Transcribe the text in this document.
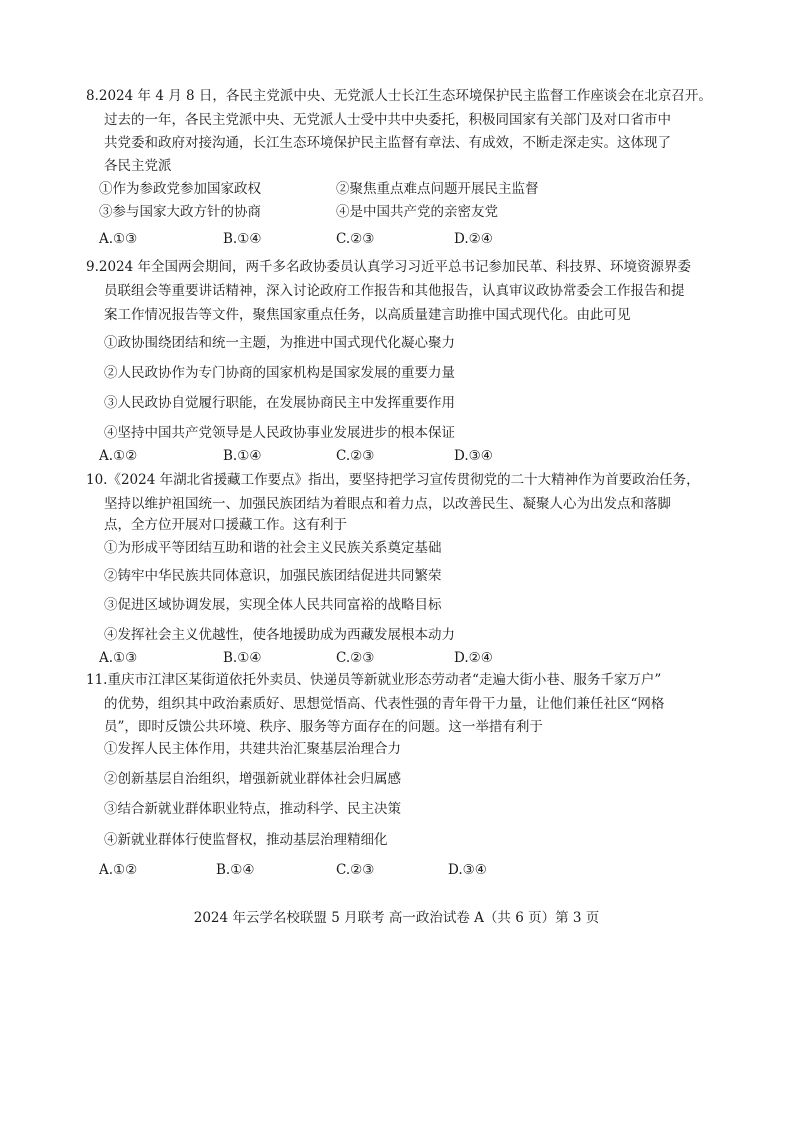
8.2024 年 4 月 8 日，各民主党派中央、无党派人士长江生态环境保护民主监督工作座谈会在北京召开。
过去的一年，各民主党派中央、无党派人士受中共中央委托，积极同国家有关部门及对口省市中
共党委和政府对接沟通，长江生态环境保护民主监督有章法、有成效，不断走深走实。这体现了
各民主党派
①作为参政党参加国家政权	②聚焦重点难点问题开展民主监督
③参与国家大政方针的协商	④是中国共产党的亲密友党
A.①③	B.①④	C.②③	D.②④
9.2024 年全国两会期间，两千多名政协委员认真学习习近平总书记参加民革、科技界、环境资源界委
员联组会等重要讲话精神，深入讨论政府工作报告和其他报告，认真审议政协常委会工作报告和提
案工作情况报告等文件，聚焦国家重点任务，以高质量建言助推中国式现代化。由此可见
①政协围绕团结和统一主题，为推进中国式现代化凝心聚力
②人民政协作为专门协商的国家机构是国家发展的重要力量
③人民政协自觉履行职能，在发展协商民主中发挥重要作用
④坚持中国共产党领导是人民政协事业发展进步的根本保证
A.①②	B.①④	C.②③	D.③④
10.《2024 年湖北省援藏工作要点》指出，要坚持把学习宣传贯彻党的二十大精神作为首要政治任务，
坚持以维护祖国统一、加强民族团结为着眼点和着力点，以改善民生、凝聚人心为出发点和落脚
点，全方位开展对口援藏工作。这有利于
①为形成平等团结互助和谐的社会主义民族关系奠定基础
②铸牢中华民族共同体意识，加强民族团结促进共同繁荣
③促进区域协调发展，实现全体人民共同富裕的战略目标
④发挥社会主义优越性，使各地援助成为西藏发展根本动力
A.①③	B.①④	C.②③	D.②④
11.重庆市江津区某街道依托外卖员、快递员等新就业形态劳动者“走遍大街小巷、服务千家万户”
的优势，组织其中政治素质好、思想觉悟高、代表性强的青年骨干力量，让他们兼任社区“网格
员”，即时反馈公共环境、秩序、服务等方面存在的问题。这一举措有利于
①发挥人民主体作用，共建共治汇聚基层治理合力
②创新基层自治组织，增强新就业群体社会归属感
③结合新就业群体职业特点，推动科学、民主决策
④新就业群体行使监督权，推动基层治理精细化
A.①②	B.①④	C.②③	D.③④
2024 年云学名校联盟 5 月联考 高一政治试卷 A（共 6 页）第 3 页
